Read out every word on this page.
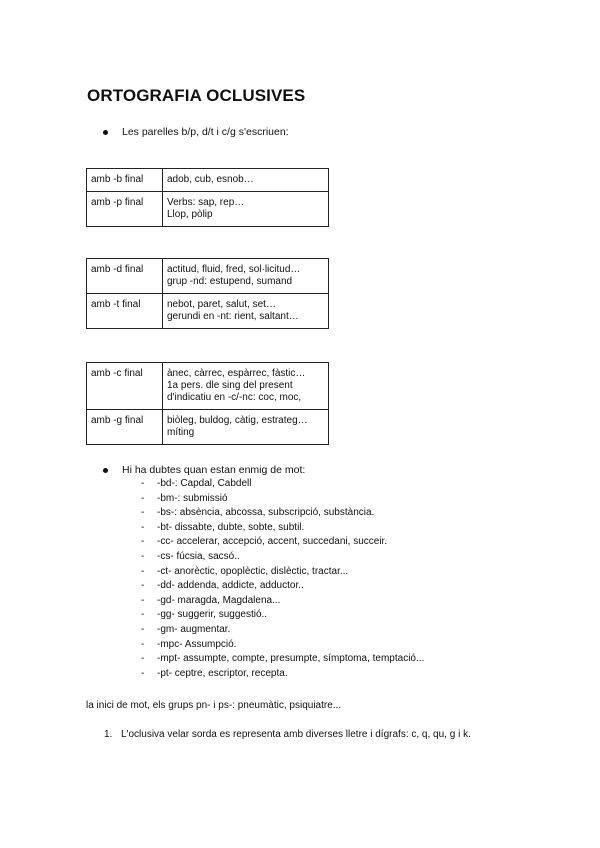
ORTOGRAFIA OCLUSIVES
Les parelles b/p, d/t i c/g s'escriuen:
amb -b final	adob, cub, esnob…

amb -p final	Verbs: sap, rep…
Llop, pòlip
amb -d final	actitud, fluid, fred, sol·licitud…
grup -nd: estupend, sumand

amb -t final	nebot, paret, salut, set…
gerundi en -nt: rient, saltant…
amb -c final	ànec, càrrec, espàrrec, fàstic…
1a pers. dle sing del present
d'indicatiu en -c/-nc: coc, moc,

amb -g final	biòleg, buldog, càtig, estrateg…
míting
Hi ha dubtes quan estan enmig de mot:
- -bd-: Capdal, Cabdell
- -bm-: submissió
- -bs-: absència, abcossa, subscripció, substància.
- -bt- dissabte, dubte, sobte, subtil.
- -cc- accelerar, accepció, accent, succedani, succeir.
- -cs- fúcsia, sacsó..
- -ct- anorèctic, opoplèctic, dislèctic, tractar...
- -dd- addenda, addicte, adductor..
- -gd- maragda, Magdalena...
- -gg- suggerir, suggestió..
- -gm- augmentar.
- -mpc- Assumpció.
- -mpt- assumpte, compte, presumpte, símptoma, temptació...
- -pt- ceptre, escriptor, recepta.
la inici de mot, els grups pn- i ps-: pneumàtic, psiquiatre...
1. L'oclusiva velar sorda es representa amb diverses lletre i dígrafs: c, q, qu, g i k.
